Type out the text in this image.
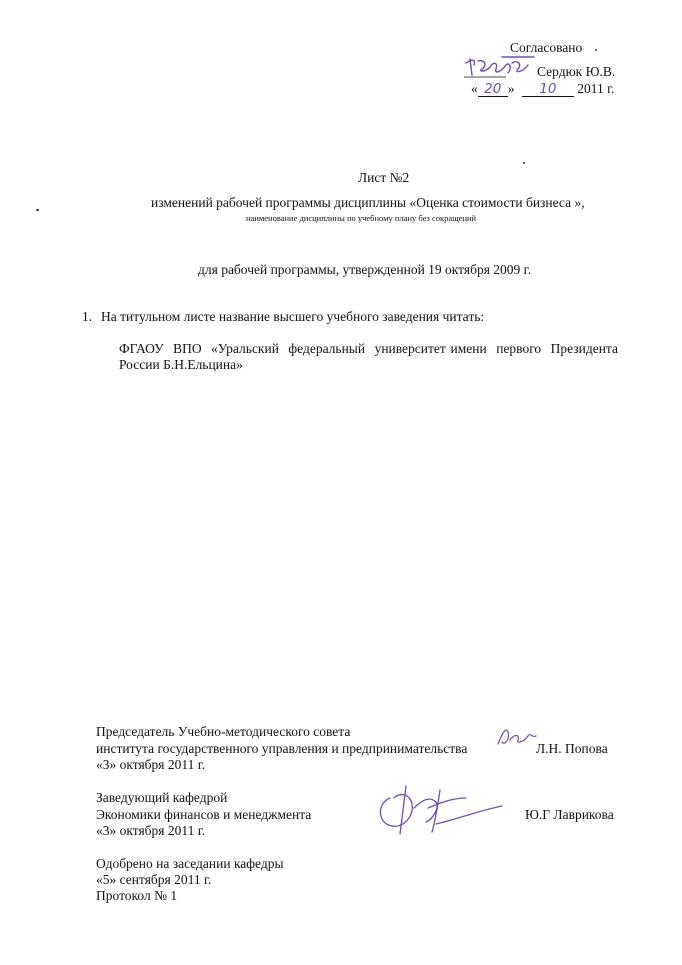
Согласовано
Сердюк Ю.В.
« 20 » 10 2011 г.
Лист №2
изменений рабочей программы дисциплины «Оценка стоимости бизнеса »,
наименование дисциплины по учебному плану без сокращений
для рабочей программы, утвержденной 19 октября 2009 г.
1. На титульном листе название высшего учебного заведения читать:
ФГАОУ  ВПО  «Уральский  федеральный  университет имени  первого  Президента
России Б.Н.Ельцина»
Председатель Учебно-методического совета
института государственного управления и предпринимательства	Л.Н. Попова
«3» октября 2011 г.
Заведующий кафедрой
Экономики финансов и менеджмента	Ю.Г Лаврикова
«3» октября 2011 г.
Одобрено на заседании кафедры
«5» сентября 2011 г.
Протокол № 1
